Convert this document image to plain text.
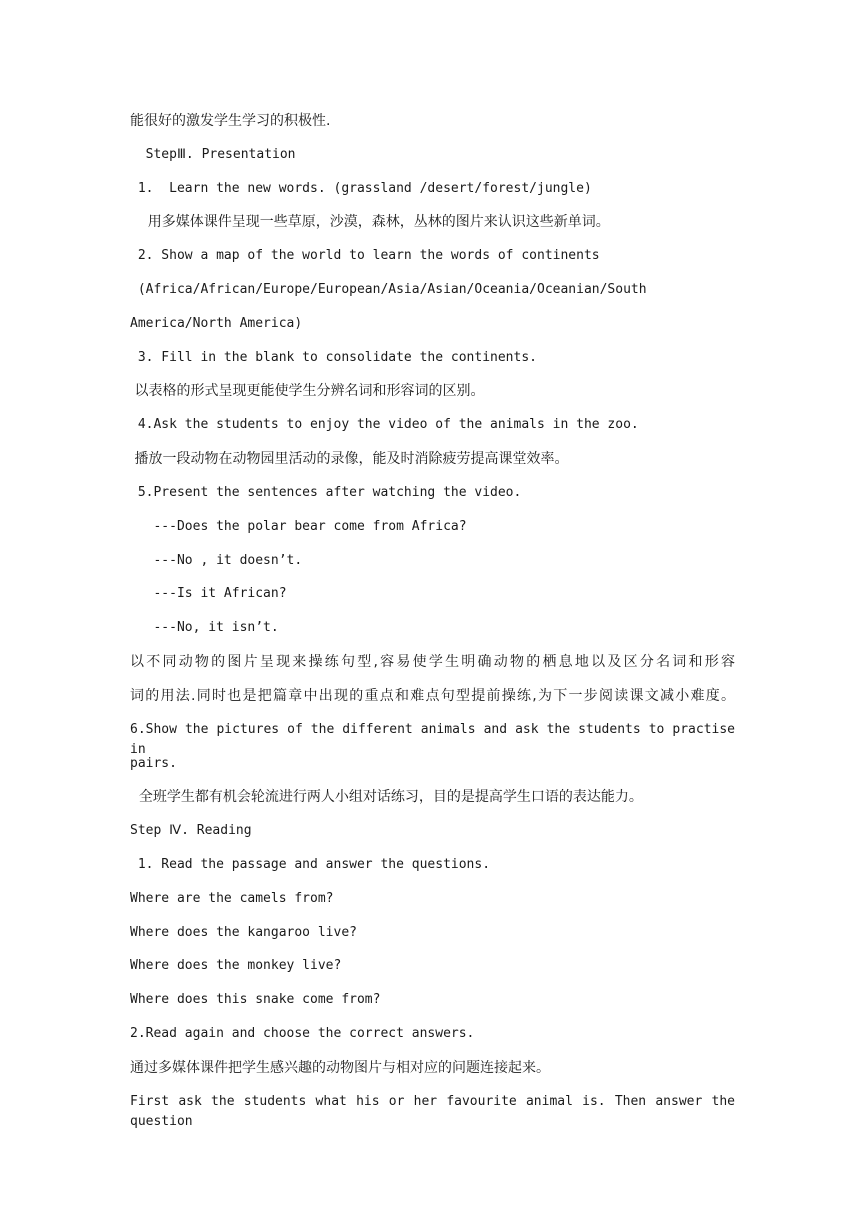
能很好的激发学生学习的积极性.
StepⅢ. Presentation
1.  Learn the new words. (grassland /desert/forest/jungle)
用多媒体课件呈现一些草原，沙漠，森林，丛林的图片来认识这些新单词。
2. Show a map of the world to learn the words of continents
(Africa/African/Europe/European/Asia/Asian/Oceania/Oceanian/South
America/North America)
3. Fill in the blank to consolidate the continents.
以表格的形式呈现更能使学生分辨名词和形容词的区别。
4.Ask the students to enjoy the video of the animals in the zoo.
播放一段动物在动物园里活动的录像，能及时消除疲劳提高课堂效率。
5.Present the sentences after watching the video.
---Does the polar bear come from Africa?
---No , it doesn’t.
---Is it African?
---No, it isn’t.
以不同动物的图片呈现来操练句型,容易使学生明确动物的栖息地以及区分名词和形容
词的用法.同时也是把篇章中出现的重点和难点句型提前操练,为下一步阅读课文减小难度。
6.Show the pictures of the different animals and ask the students to practise in
pairs.
全班学生都有机会轮流进行两人小组对话练习，目的是提高学生口语的表达能力。
Step Ⅳ. Reading
1. Read the passage and answer the questions.
Where are the camels from?
Where does the kangaroo live?
Where does the monkey live?
Where does this snake come from?
2.Read again and choose the correct answers.
通过多媒体课件把学生感兴趣的动物图片与相对应的问题连接起来。
First ask the students what his or her favourite animal is. Then answer the question
